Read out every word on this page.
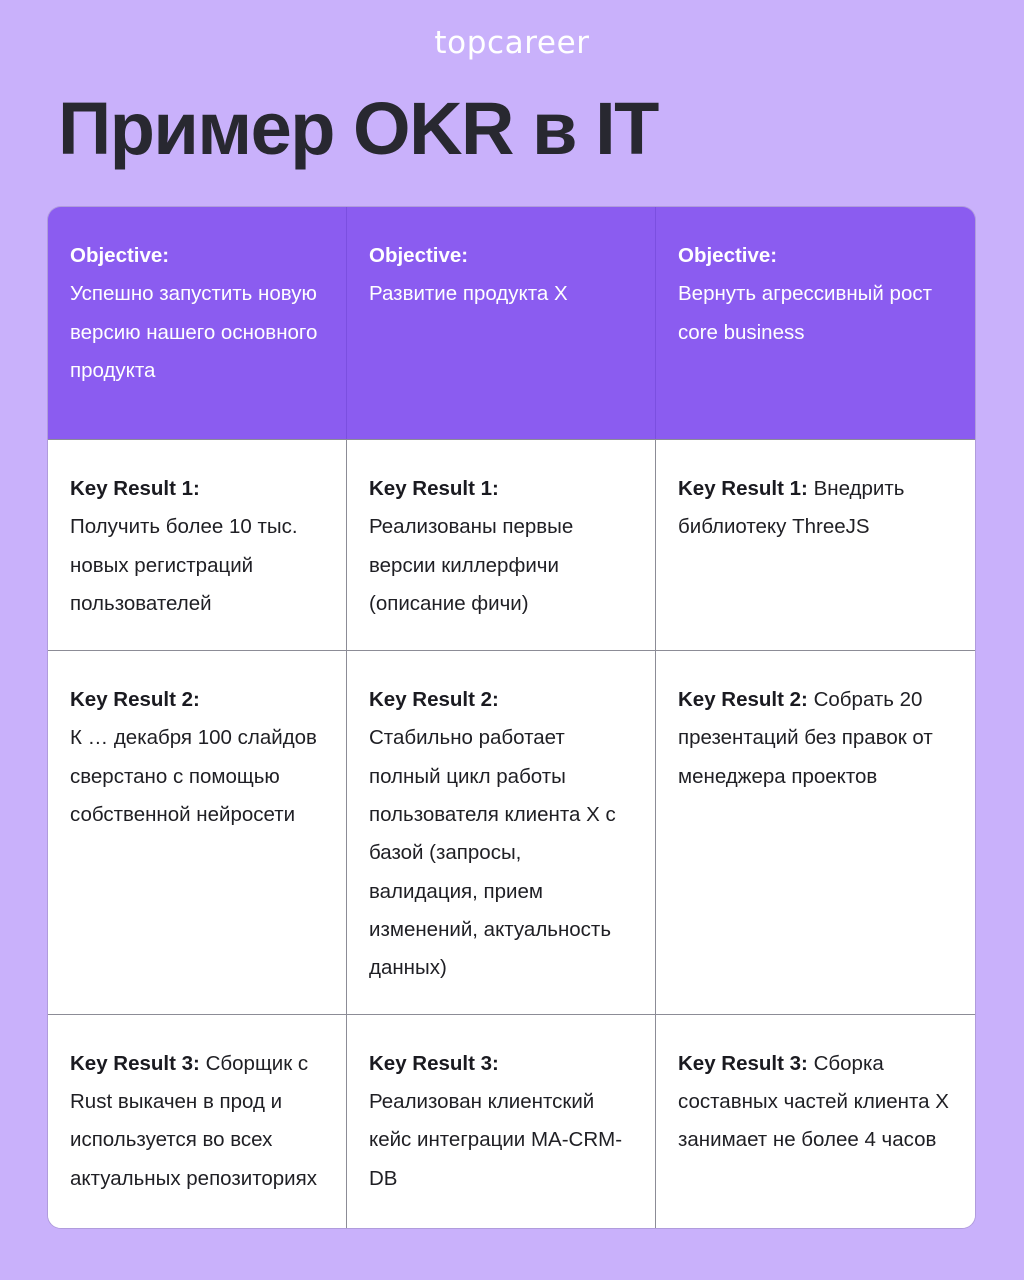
topcareer
Пример OKR в IT
Objective:
Успешно запустить новую версию нашего основного продукта
Objective:
Развитие продукта X
Objective:
Вернуть агрессивный рост core business
Key Result 1:
Получить более 10 тыс. новых регистраций пользователей
Key Result 1:
Реализованы первые версии киллерфичи (описание фичи)
Key Result 1: Внедрить библиотеку ThreeJS
Key Result 2:
К … декабря 100 слайдов сверстано с помощью собственной нейросети
Key Result 2:
Стабильно работает полный цикл работы пользователя клиента X с базой (запросы, валидация, прием изменений, актуальность данных)
Key Result 2: Собрать 20 презентаций без правок от менеджера проектов
Key Result 3: Сборщик с Rust выкачен в прод и используется во всех актуальных репозиториях
Key Result 3:
Реализован клиентский кейс интеграции MA-CRM-DB
Key Result 3: Сборка составных частей клиента X занимает не более 4 часов
